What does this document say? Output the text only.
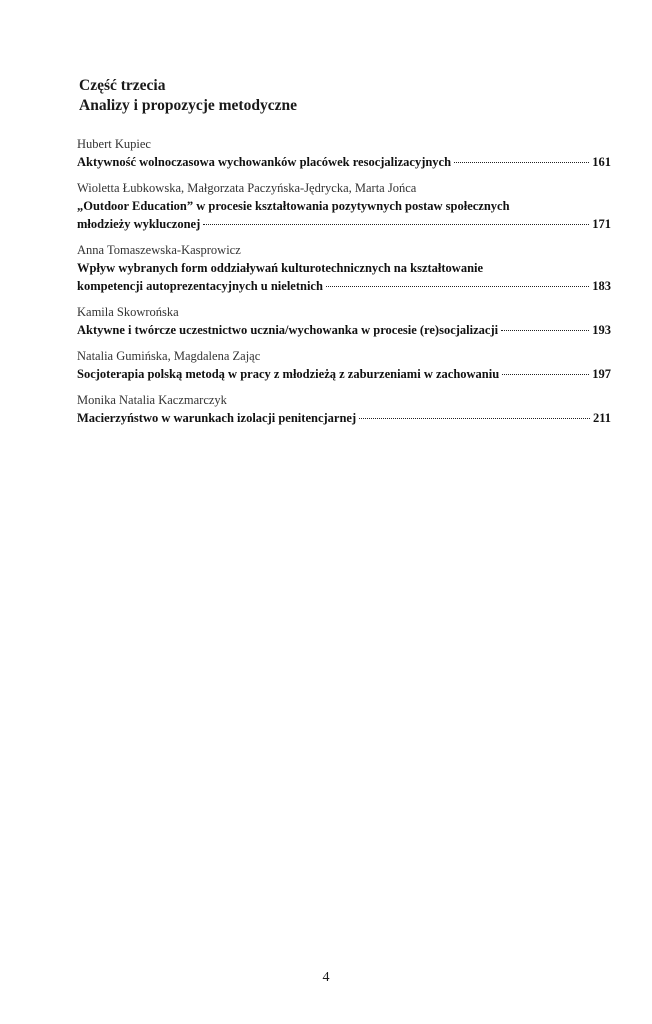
Część trzecia
Analizy i propozycje metodyczne
Hubert Kupiec
Aktywność wolnoczasowa wychowanków placówek resocjalizacyjnych	161
Wioletta Łubkowska, Małgorzata Paczyńska-Jędrycka, Marta Jońca
„Outdoor Education” w procesie kształtowania pozytywnych postaw społecznych
młodzieży wykluczonej	171
Anna Tomaszewska-Kasprowicz
Wpływ wybranych form oddziaływań kulturotechnicznych na kształtowanie
kompetencji autoprezentacyjnych u nieletnich	183
Kamila Skowrońska
Aktywne i twórcze uczestnictwo ucznia/wychowanka w procesie (re)socjalizacji	193
Natalia Gumińska, Magdalena Zając
Socjoterapia polską metodą w pracy z młodzieżą z zaburzeniami w zachowaniu	197
Monika Natalia Kaczmarczyk
Macierzyństwo w warunkach izolacji penitencjarnej	211
4
